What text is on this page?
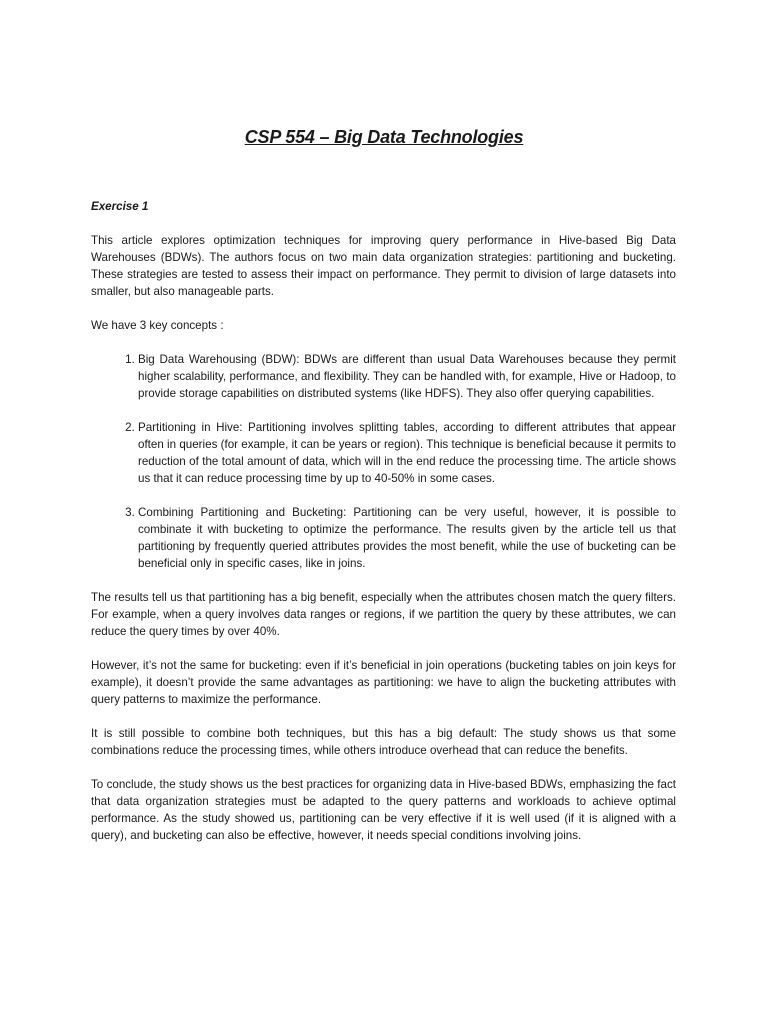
CSP 554 – Big Data Technologies
Exercise 1

This article explores optimization techniques for improving query performance in Hive-based Big Data Warehouses (BDWs). The authors focus on two main data organization strategies: partitioning and bucketing. These strategies are tested to assess their impact on performance. They permit to division of large datasets into smaller, but also manageable parts.

We have 3 key concepts :

1. Big Data Warehousing (BDW): BDWs are different than usual Data Warehouses because they permit higher scalability, performance, and flexibility. They can be handled with, for example, Hive or Hadoop, to provide storage capabilities on distributed systems (like HDFS). They also offer querying capabilities.
2. Partitioning in Hive: Partitioning involves splitting tables, according to different attributes that appear often in queries (for example, it can be years or region). This technique is beneficial because it permits to reduction of the total amount of data, which will in the end reduce the processing time. The article shows us that it can reduce processing time by up to 40-50% in some cases.
3. Combining Partitioning and Bucketing: Partitioning can be very useful, however, it is possible to combinate it with bucketing to optimize the performance. The results given by the article tell us that partitioning by frequently queried attributes provides the most benefit, while the use of bucketing can be beneficial only in specific cases, like in joins.

The results tell us that partitioning has a big benefit, especially when the attributes chosen match the query filters. For example, when a query involves data ranges or regions, if we partition the query by these attributes, we can reduce the query times by over 40%.

However, it’s not the same for bucketing: even if it’s beneficial in join operations (bucketing tables on join keys for example), it doesn’t provide the same advantages as partitioning: we have to align the bucketing attributes with query patterns to maximize the performance.

It is still possible to combine both techniques, but this has a big default: The study shows us that some combinations reduce the processing times, while others introduce overhead that can reduce the benefits.

To conclude, the study shows us the best practices for organizing data in Hive-based BDWs, emphasizing the fact that data organization strategies must be adapted to the query patterns and workloads to achieve optimal performance. As the study showed us, partitioning can be very effective if it is well used (if it is aligned with a query), and bucketing can also be effective, however, it needs special conditions involving joins.
